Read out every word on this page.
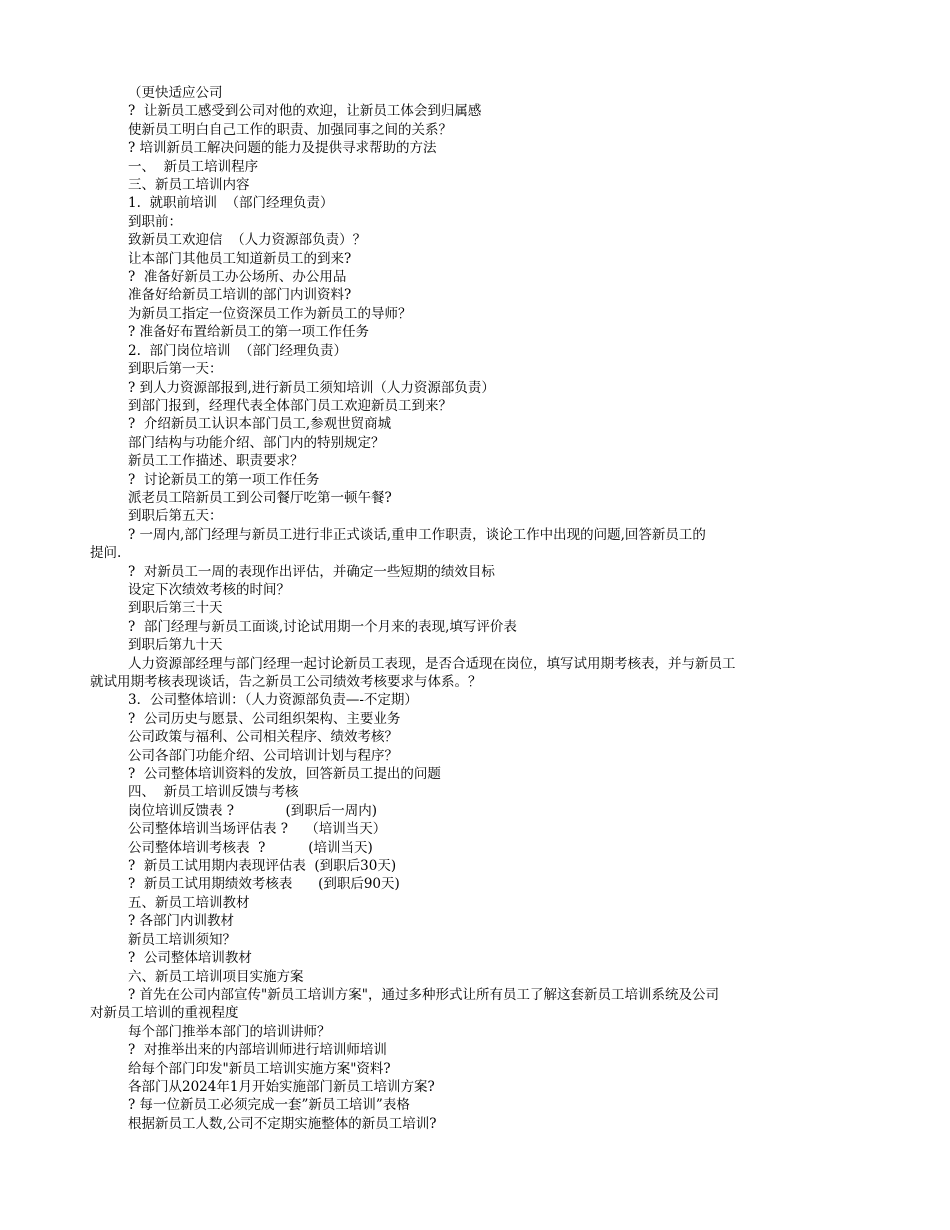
（更快适应公司
?  让新员工感受到公司对他的欢迎，让新员工体会到归属感
使新员工明白自己工作的职责、加强同事之间的关系？
? 培训新员工解决问题的能力及提供寻求帮助的方法
一、  新员工培训程序
三、新员工培训内容
1.  就职前培训  （部门经理负责）
到职前：
致新员工欢迎信  （人力资源部负责）？
让本部门其他员工知道新员工的到来?
?  准备好新员工办公场所、办公用品
准备好给新员工培训的部门内训资料?
为新员工指定一位资深员工作为新员工的导师？
? 准备好布置给新员工的第一项工作任务
2.  部门岗位培训  （部门经理负责）
到职后第一天：
? 到人力资源部报到,进行新员工须知培训（人力资源部负责）
到部门报到，经理代表全体部门员工欢迎新员工到来？
?  介绍新员工认识本部门员工,参观世贸商城
部门结构与功能介绍、部门内的特别规定？
新员工工作描述、职责要求？
?  讨论新员工的第一项工作任务
派老员工陪新员工到公司餐厅吃第一顿午餐?
到职后第五天：
? 一周内,部门经理与新员工进行非正式谈话,重申工作职责，谈论工作中出现的问题,回答新员工的
提问.
?  对新员工一周的表现作出评估，并确定一些短期的绩效目标
设定下次绩效考核的时间？
到职后第三十天
?  部门经理与新员工面谈,讨论试用期一个月来的表现,填写评价表
到职后第九十天
人力资源部经理与部门经理一起讨论新员工表现，是否合适现在岗位，填写试用期考核表，并与新员工
就试用期考核表现谈话，告之新员工公司绩效考核要求与体系。？
3．公司整体培训：（人力资源部负责—-不定期）
?  公司历史与愿景、公司组织架构、主要业务
公司政策与福利、公司相关程序、绩效考核？
公司各部门功能介绍、公司培训计划与程序？
?  公司整体培训资料的发放，回答新员工提出的问题
四、  新员工培训反馈与考核
岗位培训反馈表 ?            (到职后一周内)
公司整体培训当场评估表 ?    （培训当天）
公司整体培训考核表  ?          (培训当天)
?  新员工试用期内表现评估表  (到职后30天)
?  新员工试用期绩效考核表      (到职后90天)
五、新员工培训教材
? 各部门内训教材
新员工培训须知？
?  公司整体培训教材
六、新员工培训项目实施方案
? 首先在公司内部宣传"新员工培训方案"，通过多种形式让所有员工了解这套新员工培训系统及公司
对新员工培训的重视程度
每个部门推举本部门的培训讲师？
?  对推举出来的内部培训师进行培训师培训
给每个部门印发"新员工培训实施方案"资料?
各部门从2024年1月开始实施部门新员工培训方案?
? 每一位新员工必须完成一套”新员工培训”表格
根据新员工人数,公司不定期实施整体的新员工培训?
